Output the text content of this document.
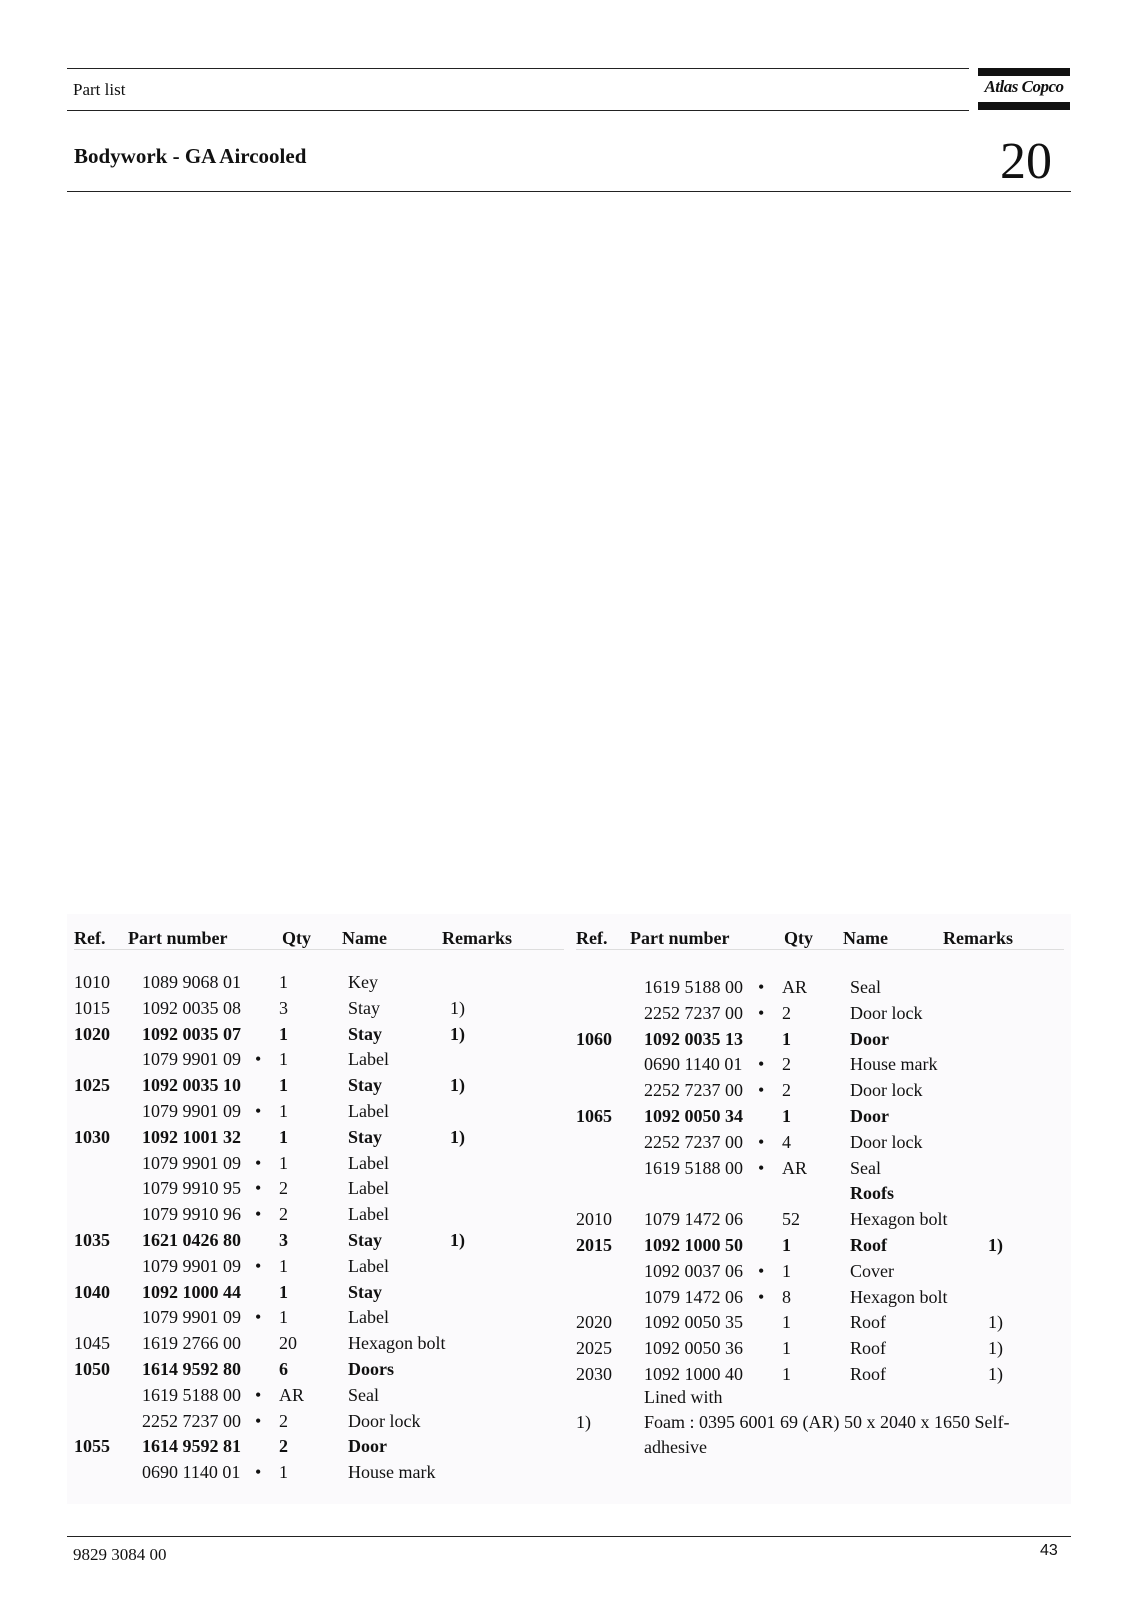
Part list	Atlas Copco
Bodywork - GA Aircooled	20
Ref. Part number	Qty Name	Remarks	Ref. Part number	Qty Name	Remarks
1010 1089 9068 01 1	Key
1015 1092 0035 08 3	Stay	1)
1020 1092 0035 07 1	Stay	1)
1079 9901 09 • 1	Label
1025 1092 0035 10 1	Stay	1)
1079 9901 09 • 1	Label
1030 1092 1001 32 1	Stay	1)
1079 9901 09 • 1	Label
1079 9910 95 • 2	Label
1079 9910 96 • 2	Label
1035 1621 0426 80 3	Stay	1)
1079 9901 09 • 1	Label
1040 1092 1000 44 1	Stay
1079 9901 09 • 1	Label
1045 1619 2766 00 20	Hexagon bolt
1050 1614 9592 80 6	Doors
1619 5188 00 • AR Seal
2252 7237 00 • 2	Door lock
1055 1614 9592 81 2	Door
0690 1140 01 • 1	House mark
1619 5188 00 • AR Seal
2252 7237 00 • 2	Door lock
1060 1092 0035 13 1	Door
0690 1140 01 • 2	House mark
2252 7237 00 • 2	Door lock
1065 1092 0050 34 1	Door
2252 7237 00 • 4	Door lock
1619 5188 00 • AR Seal
Roofs
2010 1079 1472 06 52	Hexagon bolt
2015 1092 1000 50 1	Roof	1)
1092 0037 06 • 1	Cover
1079 1472 06 • 8	Hexagon bolt
2020 1092 0050 35 1	Roof	1)
2025 1092 0050 36 1	Roof	1)
2030 1092 1000 40 1	Roof	1)
Lined with
1)	Foam : 0395 6001 69 (AR) 50 x 2040 x 1650 Self-
adhesive
9829 3084 00	43
